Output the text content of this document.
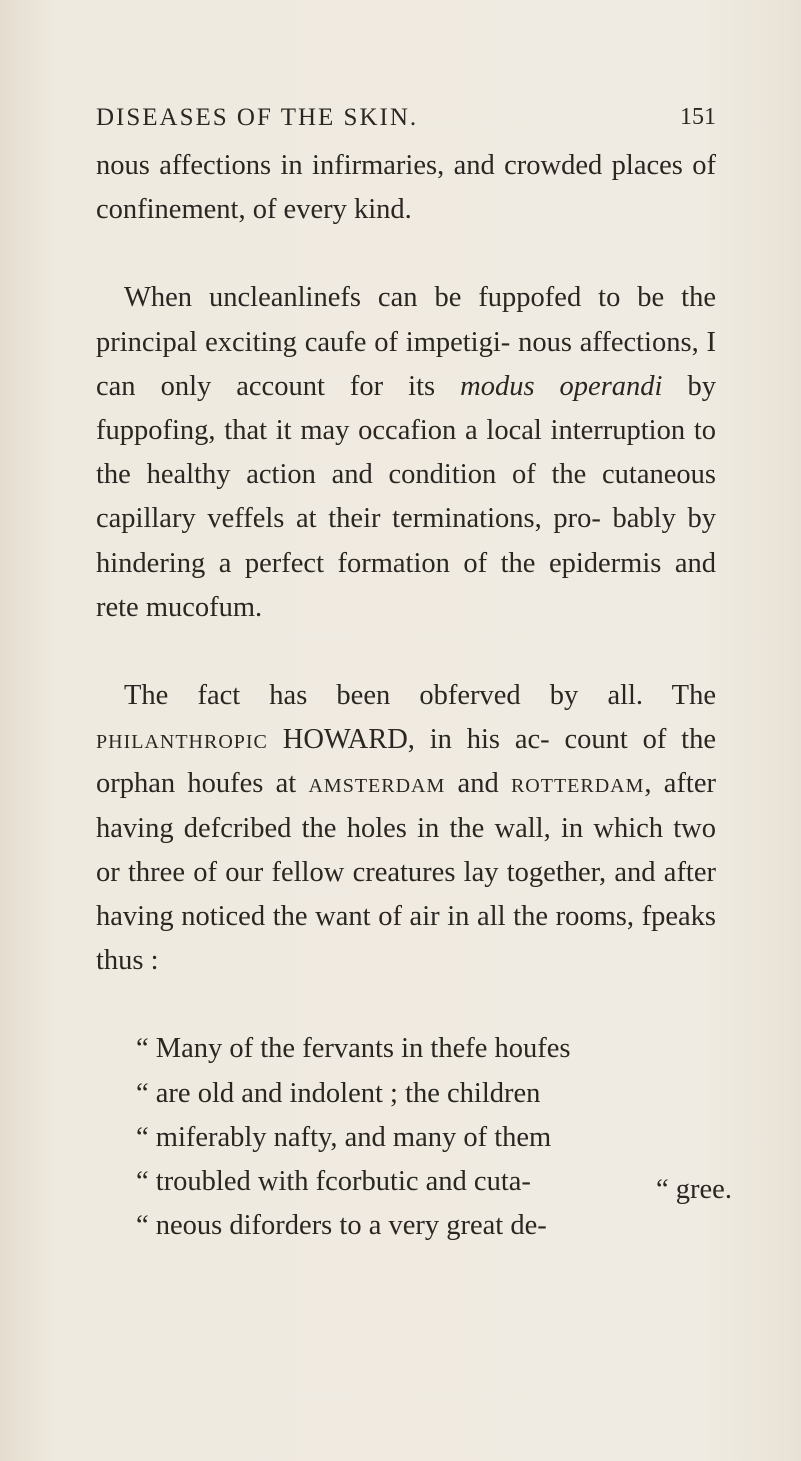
DISEASES OF THE SKIN.	151

nous affections in infirmaries, and crowded places of confinement, of every kind.

When uncleanlinefs can be fuppofed to be the principal exciting caufe of impetigi- nous affections, I can only account for its modus operandi by fuppofing, that it may occafion a local interruption to the healthy action and condition of the cutaneous capillary veffels at their terminations, pro- bably by hindering a perfect formation of the epidermis and rete mucofum.

The fact has been obferved by all. The philanthropic HOWARD, in his ac- count of the orphan houfes at amsterdam and rotterdam, after having defcribed the holes in the wall, in which two or three of our fellow creatures lay together, and after having noticed the want of air in all the rooms, fpeaks thus :

“ Many of the fervants in thefe houfes
“ are old and indolent ; the children
“ miferably nafty, and many of them
“ troubled with fcorbutic and cuta-
“ neous diforders to a very great de-
“ gree.
